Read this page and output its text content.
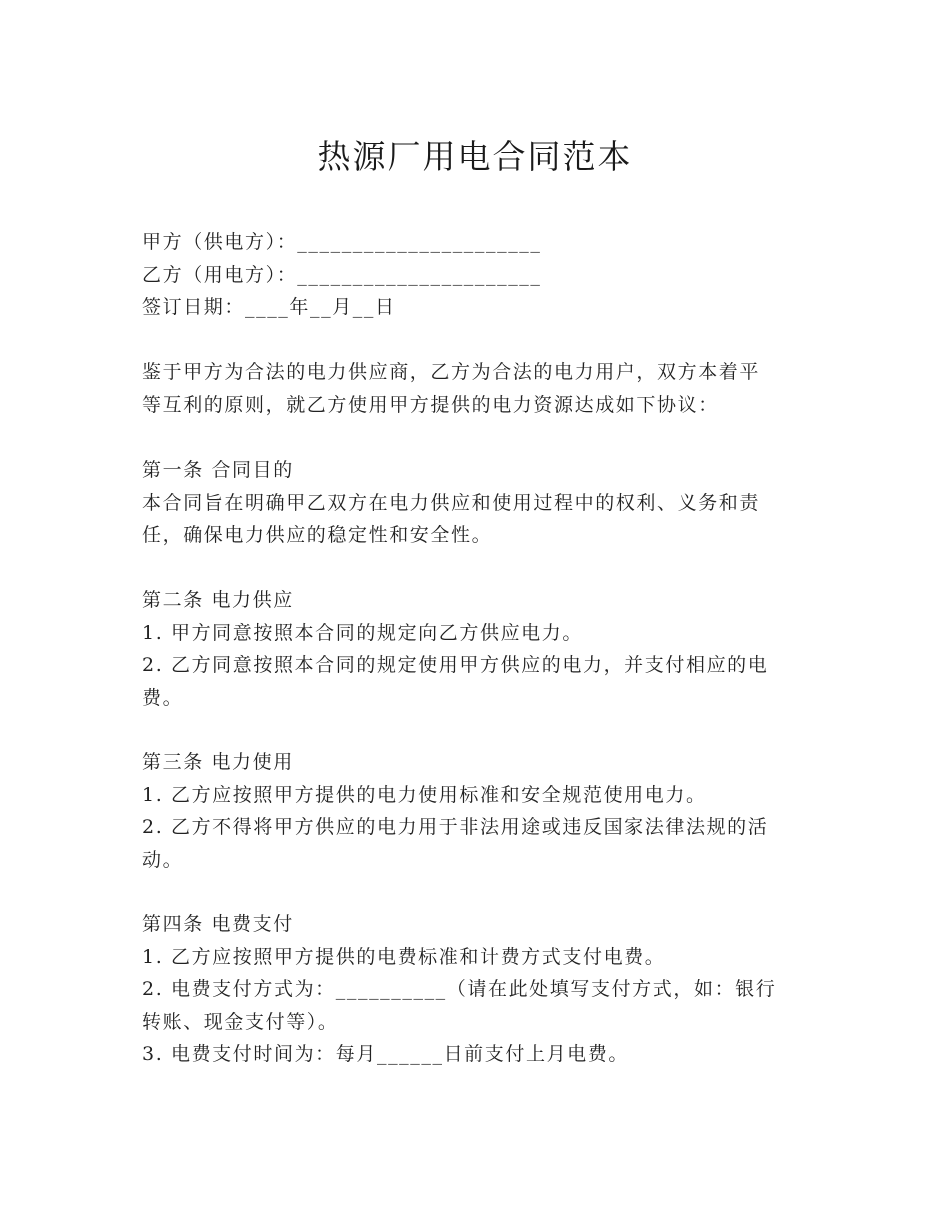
热源厂用电合同范本
甲方（供电方）：______________________
乙方（用电方）：______________________
签订日期：____年__月__日
鉴于甲方为合法的电力供应商，乙方为合法的电力用户，双方本着平
等互利的原则，就乙方使用甲方提供的电力资源达成如下协议：
第一条 合同目的
本合同旨在明确甲乙双方在电力供应和使用过程中的权利、义务和责
任，确保电力供应的稳定性和安全性。
第二条 电力供应
1. 甲方同意按照本合同的规定向乙方供应电力。
2. 乙方同意按照本合同的规定使用甲方供应的电力，并支付相应的电
费。
第三条 电力使用
1. 乙方应按照甲方提供的电力使用标准和安全规范使用电力。
2. 乙方不得将甲方供应的电力用于非法用途或违反国家法律法规的活
动。
第四条 电费支付
1. 乙方应按照甲方提供的电费标准和计费方式支付电费。
2. 电费支付方式为：__________（请在此处填写支付方式，如：银行
转账、现金支付等）。
3. 电费支付时间为：每月______日前支付上月电费。
